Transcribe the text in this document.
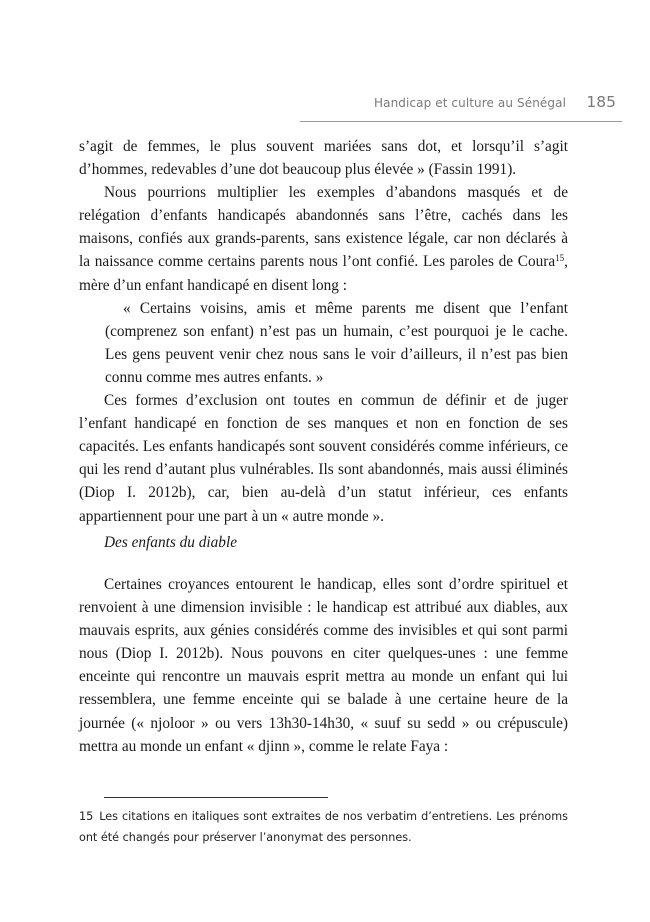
Handicap et culture au Sénégal 185

s’agit de femmes, le plus souvent mariées sans dot, et lorsqu’il s’agit d’hommes, redevables d’une dot beaucoup plus élevée » (Fassin 1991).

Nous pourrions multiplier les exemples d’abandons masqués et de relégation d’enfants handicapés abandonnés sans l’être, cachés dans les maisons, confiés aux grands-parents, sans existence légale, car non déclarés à la naissance comme certains parents nous l’ont confié. Les paroles de Coura$^{15}$, mère d’un enfant handicapé en disent long :

« Certains voisins, amis et même parents me disent que l’enfant (comprenez son enfant) n’est pas un humain, c’est pourquoi je le cache. Les gens peuvent venir chez nous sans le voir d’ailleurs, il n’est pas bien connu comme mes autres enfants. »

Ces formes d’exclusion ont toutes en commun de définir et de juger l’enfant handicapé en fonction de ses manques et non en fonction de ses capacités. Les enfants handicapés sont souvent considérés comme inférieurs, ce qui les rend d’autant plus vulnérables. Ils sont abandonnés, mais aussi éliminés (Diop I. 2012b), car, bien au-delà d’un statut inférieur, ces enfants appartiennent pour une part à un « autre monde ».

Des enfants du diable

Certaines croyances entourent le handicap, elles sont d’ordre spirituel et renvoient à une dimension invisible : le handicap est attribué aux diables, aux mauvais esprits, aux génies considérés comme des invisibles et qui sont parmi nous (Diop I. 2012b). Nous pouvons en citer quelques-unes : une femme enceinte qui rencontre un mauvais esprit mettra au monde un enfant qui lui ressemblera, une femme enceinte qui se balade à une certaine heure de la journée (« njoloor » ou vers 13h30-14h30, « suuf su sedd » ou crépuscule) mettra au monde un enfant « djinn », comme le relate Faya :

15 Les citations en italiques sont extraites de nos verbatim d’entretiens. Les prénoms ont été changés pour préserver l’anonymat des personnes.
